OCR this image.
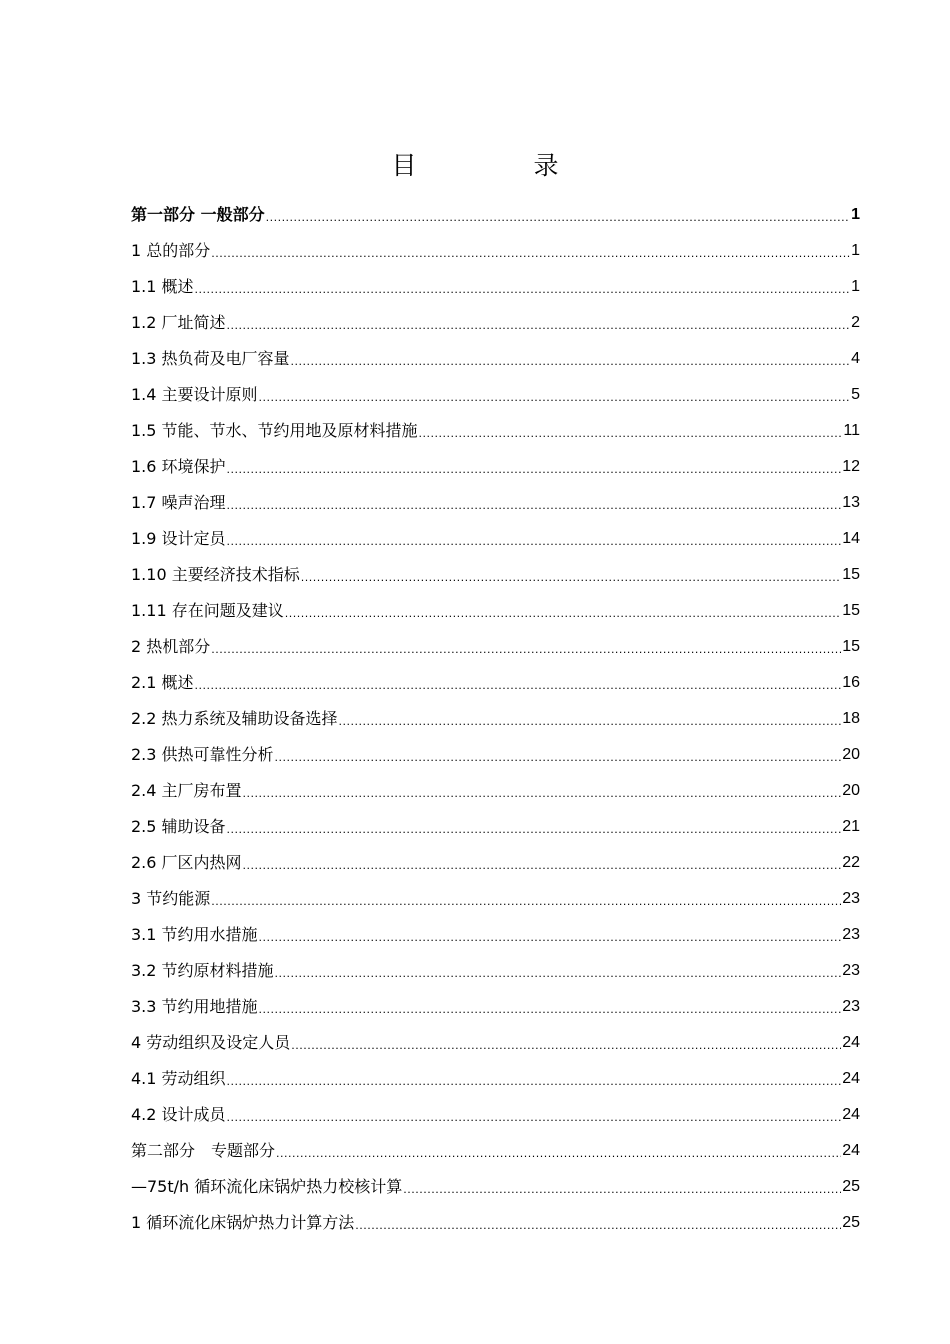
目　录
第一部分 一般部分 .....	1
1 总的部分 .....	1
1.1 概述 .....	1
1.2 厂址简述 .....	2
1.3 热负荷及电厂容量 .....	4
1.4 主要设计原则 .....	5
1.5 节能、节水、节约用地及原材料措施 .....	11
1.6 环境保护 .....	12
1.7 噪声治理 .....	13
1.9 设计定员 .....	14
1.10 主要经济技术指标 .....	15
1.11 存在问题及建议 .....	15
2 热机部分 .....	15
2.1 概述 .....	16
2.2 热力系统及辅助设备选择 .....	18
2.3 供热可靠性分析 .....	20
2.4 主厂房布置 .....	20
2.5 辅助设备 .....	21
2.6 厂区内热网 .....	22
3 节约能源 .....	23
3.1 节约用水措施 .....	23
3.2 节约原材料措施 .....	23
3.3 节约用地措施 .....	23
4 劳动组织及设定人员 .....	24
4.1 劳动组织 .....	24
4.2 设计成员 .....	24
第二部分　专题部分 .....	24
—75t/h 循环流化床锅炉热力校核计算 .....	25
1 循环流化床锅炉热力计算方法 .....	25
